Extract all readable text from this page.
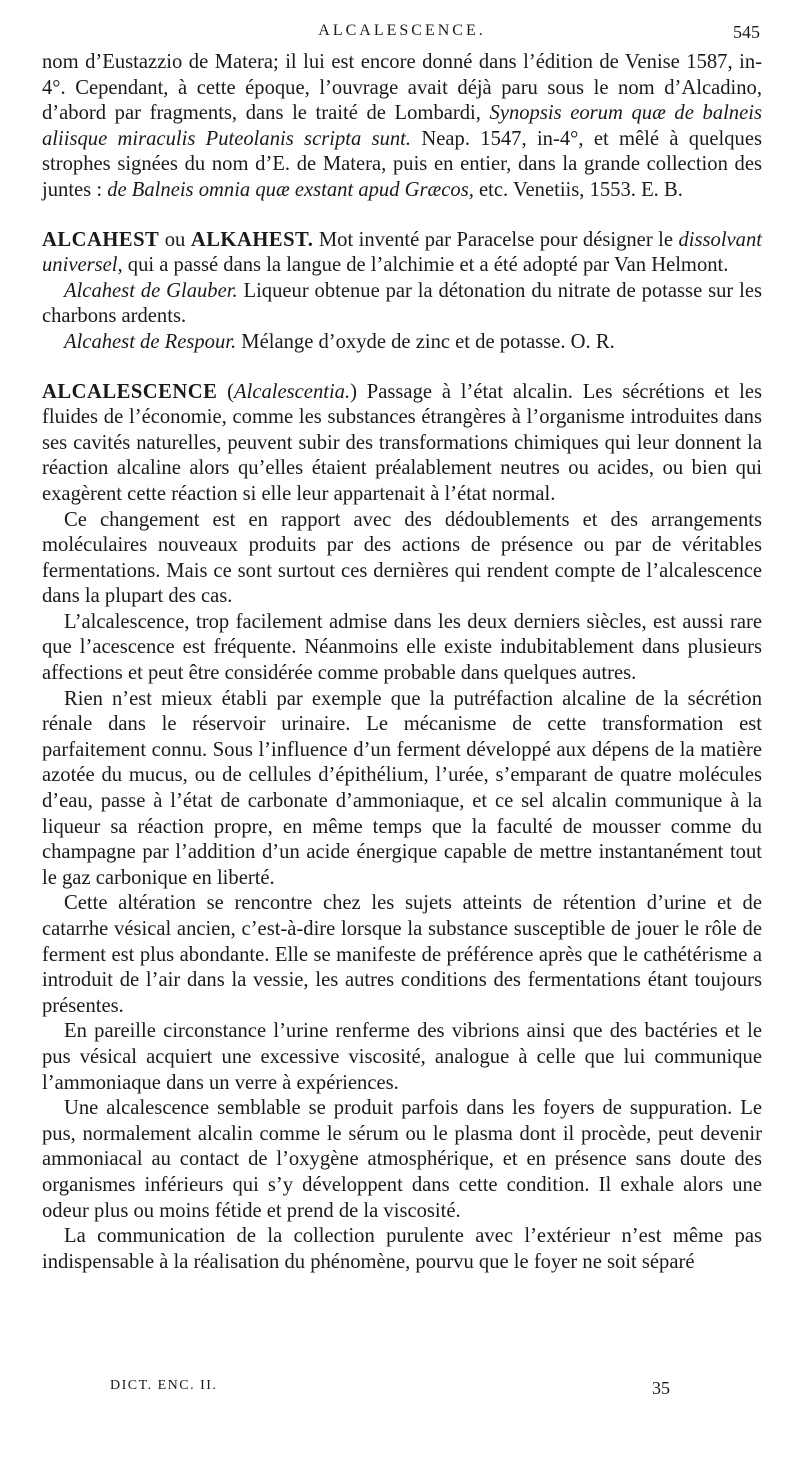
ALCALESCENCE.	545

nom d’Eustazzio de Matera; il lui est encore donné dans l’édition de Venise 1587, in-4°. Cependant, à cette époque, l’ouvrage avait déjà paru sous le nom d’Alcadino, d’abord par fragments, dans le traité de Lombardi, Synopsis eorum quæ de balneis aliisque miraculis Puteolanis scripta sunt. Neap. 1547, in-4°, et mêlé à quelques strophes signées du nom d’E. de Matera, puis en entier, dans la grande collection des juntes : de Balneis omnia quæ exstant apud Græcos, etc. Venetiis, 1553. E. B.

ALCAHEST ou ALKAHEST. Mot inventé par Paracelse pour désigner le dissolvant universel, qui a passé dans la langue de l’alchimie et a été adopté par Van Helmont.

Alcahest de Glauber. Liqueur obtenue par la détonation du nitrate de potasse sur les charbons ardents.

Alcahest de Respour. Mélange d’oxyde de zinc et de potasse. O. R.

ALCALESCENCE (Alcalescentia.) Passage à l’état alcalin. Les sécrétions et les fluides de l’économie, comme les substances étrangères à l’organisme introduites dans ses cavités naturelles, peuvent subir des transformations chimiques qui leur donnent la réaction alcaline alors qu’elles étaient préalablement neutres ou acides, ou bien qui exagèrent cette réaction si elle leur appartenait à l’état normal.

Ce changement est en rapport avec des dédoublements et des arrangements moléculaires nouveaux produits par des actions de présence ou par de véritables fermentations. Mais ce sont surtout ces dernières qui rendent compte de l’alcalescence dans la plupart des cas.

L’alcalescence, trop facilement admise dans les deux derniers siècles, est aussi rare que l’acescence est fréquente. Néanmoins elle existe indubitablement dans plusieurs affections et peut être considérée comme probable dans quelques autres.

Rien n’est mieux établi par exemple que la putréfaction alcaline de la sécrétion rénale dans le réservoir urinaire. Le mécanisme de cette transformation est parfaitement connu. Sous l’influence d’un ferment développé aux dépens de la matière azotée du mucus, ou de cellules d’épithélium, l’urée, s’emparant de quatre molécules d’eau, passe à l’état de carbonate d’ammoniaque, et ce sel alcalin communique à la liqueur sa réaction propre, en même temps que la faculté de mousser comme du champagne par l’addition d’un acide énergique capable de mettre instantanément tout le gaz carbonique en liberté.

Cette altération se rencontre chez les sujets atteints de rétention d’urine et de catarrhe vésical ancien, c’est-à-dire lorsque la substance susceptible de jouer le rôle de ferment est plus abondante. Elle se manifeste de préférence après que le cathétérisme a introduit de l’air dans la vessie, les autres conditions des fermentations étant toujours présentes.

En pareille circonstance l’urine renferme des vibrions ainsi que des bactéries et le pus vésical acquiert une excessive viscosité, analogue à celle que lui communique l’ammoniaque dans un verre à expériences.

Une alcalescence semblable se produit parfois dans les foyers de suppuration. Le pus, normalement alcalin comme le sérum ou le plasma dont il procède, peut devenir ammoniacal au contact de l’oxygène atmosphérique, et en présence sans doute des organismes inférieurs qui s’y développent dans cette condition. Il exhale alors une odeur plus ou moins fétide et prend de la viscosité.

La communication de la collection purulente avec l’extérieur n’est même pas indispensable à la réalisation du phénomène, pourvu que le foyer ne soit séparé

DICT. ENC. II.	35
